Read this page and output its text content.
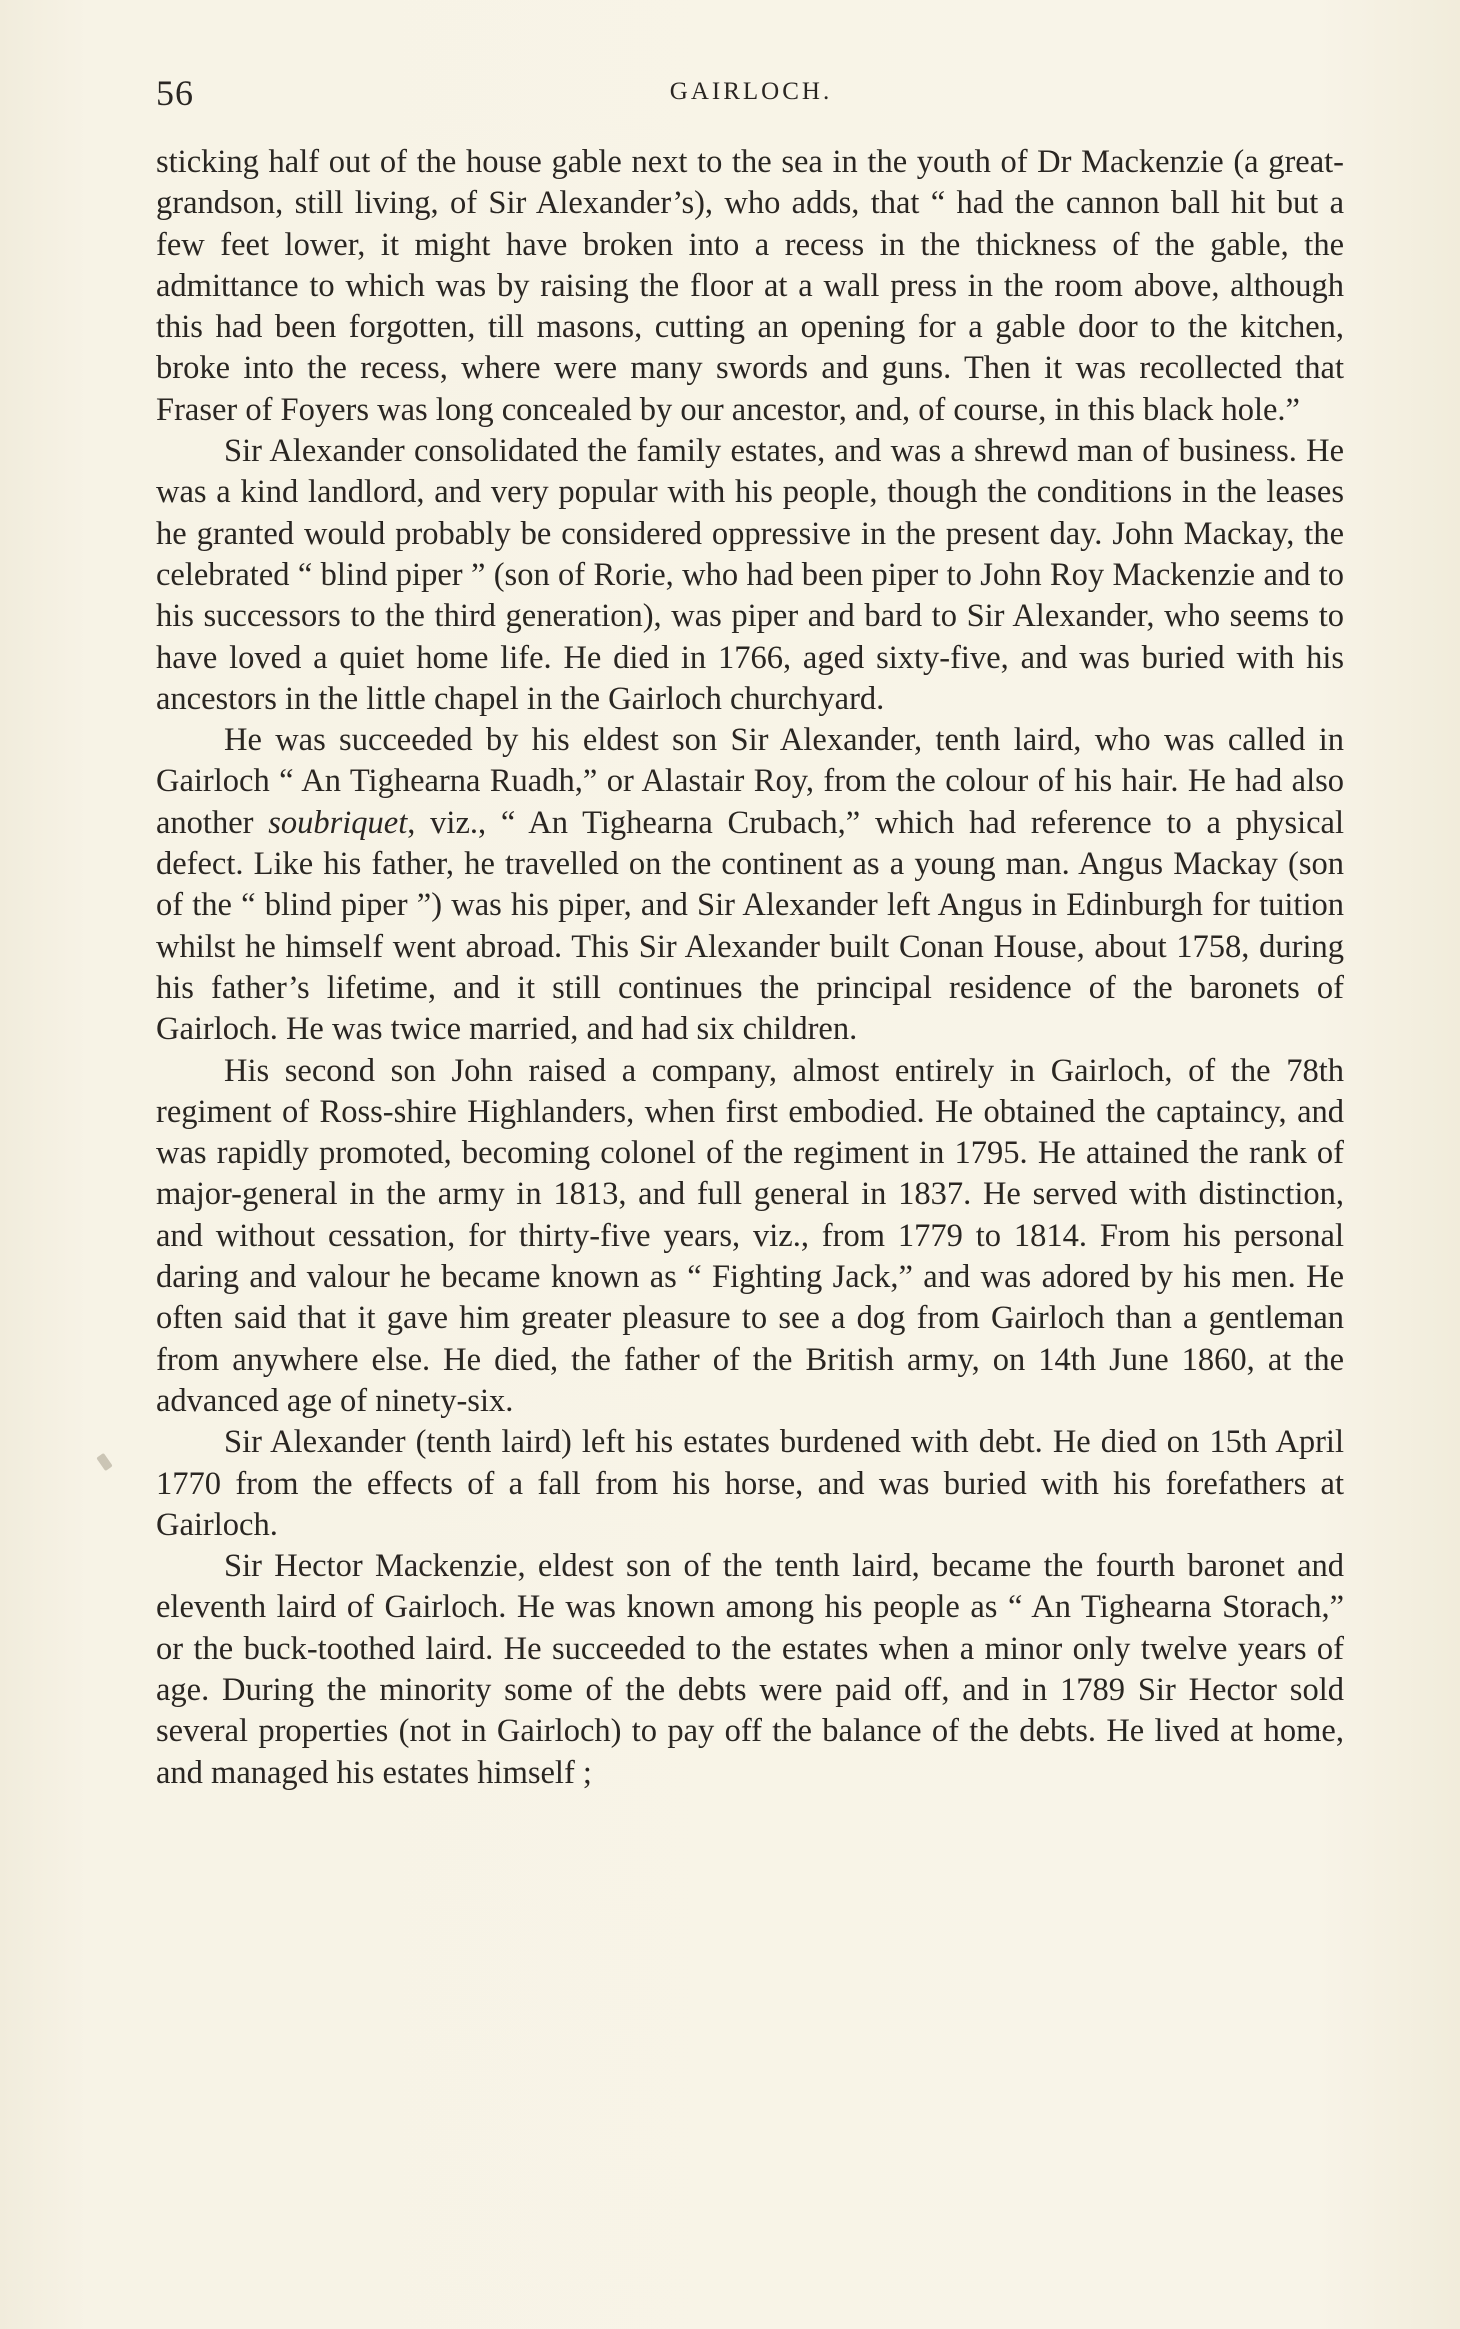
56	GAIRLOCH.

sticking half out of the house gable next to the sea in the youth of Dr Mackenzie (a great-grandson, still living, of Sir Alexander’s), who adds, that “ had the cannon ball hit but a few feet lower, it might have broken into a recess in the thickness of the gable, the admittance to which was by raising the floor at a wall press in the room above, although this had been forgotten, till masons, cutting an opening for a gable door to the kitchen, broke into the recess, where were many swords and guns. Then it was recollected that Fraser of Foyers was long concealed by our ancestor, and, of course, in this black hole.”

Sir Alexander consolidated the family estates, and was a shrewd man of business. He was a kind landlord, and very popular with his people, though the conditions in the leases he granted would probably be considered oppressive in the present day. John Mackay, the celebrated “ blind piper ” (son of Rorie, who had been piper to John Roy Mackenzie and to his successors to the third generation), was piper and bard to Sir Alexander, who seems to have loved a quiet home life. He died in 1766, aged sixty-five, and was buried with his ancestors in the little chapel in the Gairloch churchyard.

He was succeeded by his eldest son Sir Alexander, tenth laird, who was called in Gairloch “ An Tighearna Ruadh,” or Alastair Roy, from the colour of his hair. He had also another soubriquet, viz., “ An Tighearna Crubach,” which had reference to a physical defect. Like his father, he travelled on the continent as a young man. Angus Mackay (son of the “ blind piper ”) was his piper, and Sir Alexander left Angus in Edinburgh for tuition whilst he himself went abroad. This Sir Alexander built Conan House, about 1758, during his father’s lifetime, and it still continues the principal residence of the baronets of Gairloch. He was twice married, and had six children.

His second son John raised a company, almost entirely in Gairloch, of the 78th regiment of Ross-shire Highlanders, when first embodied. He obtained the captaincy, and was rapidly promoted, becoming colonel of the regiment in 1795. He attained the rank of major-general in the army in 1813, and full general in 1837. He served with distinction, and without cessation, for thirty-five years, viz., from 1779 to 1814. From his personal daring and valour he became known as “ Fighting Jack,” and was adored by his men. He often said that it gave him greater pleasure to see a dog from Gairloch than a gentleman from anywhere else. He died, the father of the British army, on 14th June 1860, at the advanced age of ninety-six.

Sir Alexander (tenth laird) left his estates burdened with debt. He died on 15th April 1770 from the effects of a fall from his horse, and was buried with his forefathers at Gairloch.

Sir Hector Mackenzie, eldest son of the tenth laird, became the fourth baronet and eleventh laird of Gairloch. He was known among his people as “ An Tighearna Storach,” or the buck-toothed laird. He succeeded to the estates when a minor only twelve years of age. During the minority some of the debts were paid off, and in 1789 Sir Hector sold several properties (not in Gairloch) to pay off the balance of the debts. He lived at home, and managed his estates himself ;
